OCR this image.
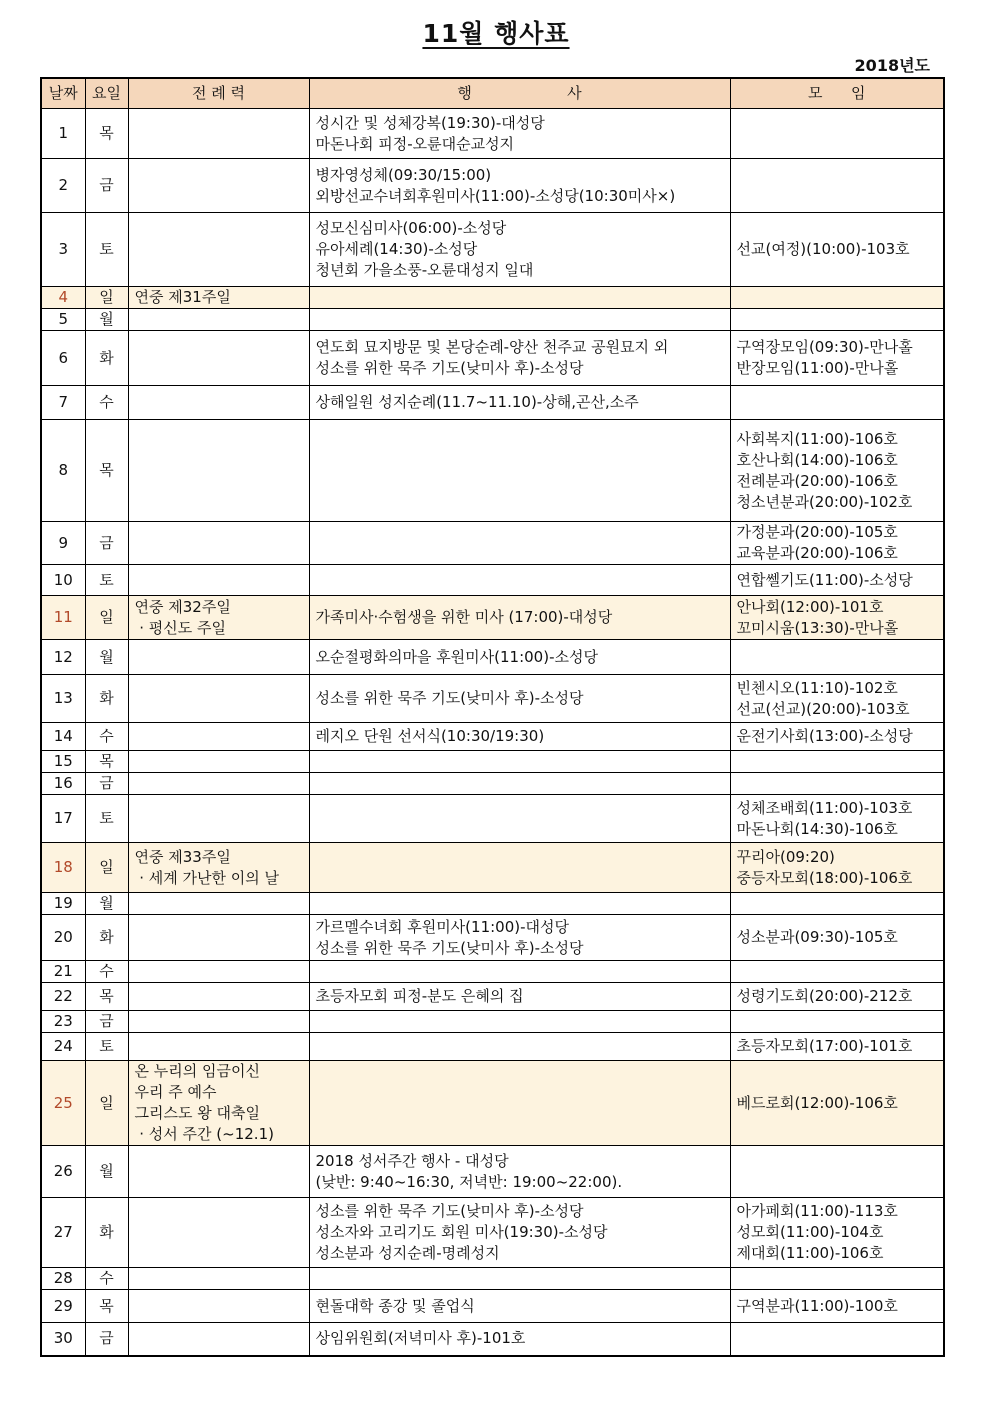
11월 행사표
2018년도
날짜	요일	전 례 력	행                    사	모      임
1	목		성시간 및 성체강복(19:30)-대성당
마돈나회 피정-오륜대순교성지	

2	금		병자영성체(09:30/15:00)
외방선교수녀회후원미사(11:00)-소성당(10:30미사×)	

3	토		성모신심미사(06:00)-소성당
유아세례(14:30)-소성당
청년회 가을소풍-오륜대성지 일대	선교(여정)(10:00)-103호

4	일	연중 제31주일		

5	월			
6	화		연도회 묘지방문 및 본당순례-양산 천주교 공원묘지 외
성소를 위한 묵주 기도(낮미사 후)-소성당	구역장모임(09:30)-만나홀
반장모임(11:00)-만나홀

7	수		상해일원 성지순례(11.7~11.10)-상해,곤산,소주	

8	목			사회복지(11:00)-106호
호산나회(14:00)-106호
전례분과(20:00)-106호
청소년분과(20:00)-102호

9	금			가정분과(20:00)-105호
교육분과(20:00)-106호

10	토			연합쎌기도(11:00)-소성당

11	일	연중 제32주일
· 평신도 주일	가족미사·수험생을 위한 미사 (17:00)-대성당	안나회(12:00)-101호
꼬미시움(13:30)-만나홀

12	월		오순절평화의마을 후원미사(11:00)-소성당	

13	화		성소를 위한 묵주 기도(낮미사 후)-소성당	빈첸시오(11:10)-102호
선교(선교)(20:00)-103호

14	수		레지오 단원 선서식(10:30/19:30)	운전기사회(13:00)-소성당

15	목			
16	금			
17	토			성체조배회(11:00)-103호
마돈나회(14:30)-106호

18	일	연중 제33주일
· 세계 가난한 이의 날		꾸리아(09:20)
중등자모회(18:00)-106호

19	월			
20	화		가르멜수녀회 후원미사(11:00)-대성당
성소를 위한 묵주 기도(낮미사 후)-소성당	성소분과(09:30)-105호

21	수			
22	목		초등자모회 피정-분도 은혜의 집	성령기도회(20:00)-212호

23	금			
24	토			초등자모회(17:00)-101호

25	일	온 누리의 임금이신
우리 주 예수
그리스도 왕 대축일
· 성서 주간 (~12.1)		베드로회(12:00)-106호

26	월		2018 성서주간 행사 - 대성당
(낮반: 9:40~16:30, 저녁반: 19:00~22:00).	

27	화		성소를 위한 묵주 기도(낮미사 후)-소성당
성소자와 고리기도 회원 미사(19:30)-소성당
성소분과 성지순례-명례성지	아가페회(11:00)-113호
성모회(11:00)-104호
제대회(11:00)-106호

28	수			
29	목		현돌대학 종강 및 졸업식	구역분과(11:00)-100호

30	금		상임위원회(저녁미사 후)-101호	
